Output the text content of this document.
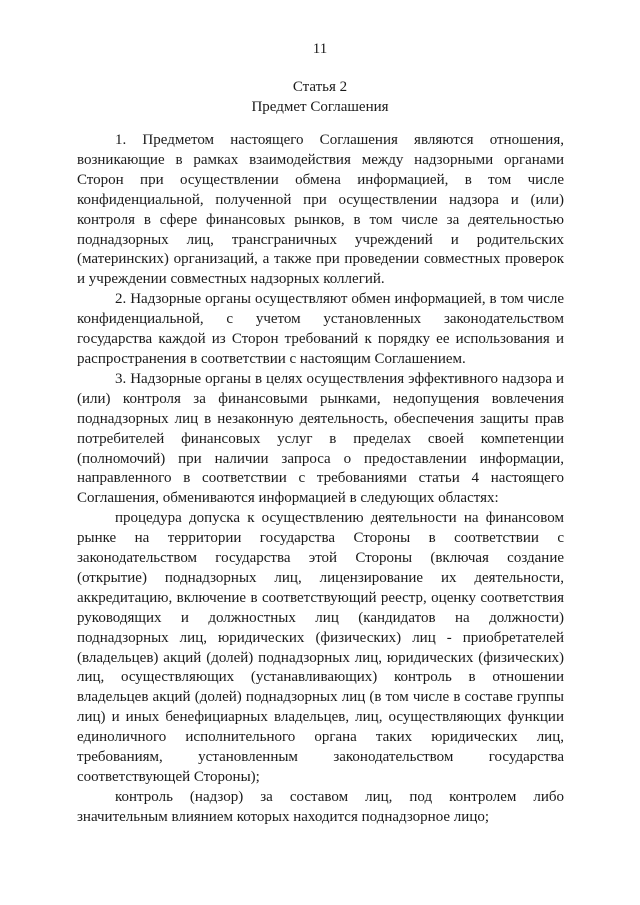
11
Статья 2
Предмет Соглашения

1. Предметом настоящего Соглашения являются отношения, возникающие в рамках взаимодействия между надзорными органами Сторон при осуществлении обмена информацией, в том числе конфиденциальной, полученной при осуществлении надзора и (или) контроля в сфере финансовых рынков, в том числе за деятельностью поднадзорных лиц, трансграничных учреждений и родительских (материнских) организаций, а также при проведении совместных проверок и учреждении совместных надзорных коллегий.

2. Надзорные органы осуществляют обмен информацией, в том числе конфиденциальной, с учетом установленных законодательством государства каждой из Сторон требований к порядку ее использования и распространения в соответствии с настоящим Соглашением.

3. Надзорные органы в целях осуществления эффективного надзора и (или) контроля за финансовыми рынками, недопущения вовлечения поднадзорных лиц в незаконную деятельность, обеспечения защиты прав потребителей финансовых услуг в пределах своей компетенции (полномочий) при наличии запроса о предоставлении информации, направленного в соответствии с требованиями статьи 4 настоящего Соглашения, обмениваются информацией в следующих областях:

процедура допуска к осуществлению деятельности на финансовом рынке на территории государства Стороны в соответствии с законодательством государства этой Стороны (включая создание (открытие) поднадзорных лиц, лицензирование их деятельности, аккредитацию, включение в соответствующий реестр, оценку соответствия руководящих и должностных лиц (кандидатов на должности) поднадзорных лиц, юридических (физических) лиц - приобретателей (владельцев) акций (долей) поднадзорных лиц, юридических (физических) лиц, осуществляющих (устанавливающих) контроль в отношении владельцев акций (долей) поднадзорных лиц (в том числе в составе группы лиц) и иных бенефициарных владельцев, лиц, осуществляющих функции единоличного исполнительного органа таких юридических лиц, требованиям, установленным законодательством государства соответствующей Стороны);

контроль (надзор) за составом лиц, под контролем либо значительным влиянием которых находится поднадзорное лицо;
